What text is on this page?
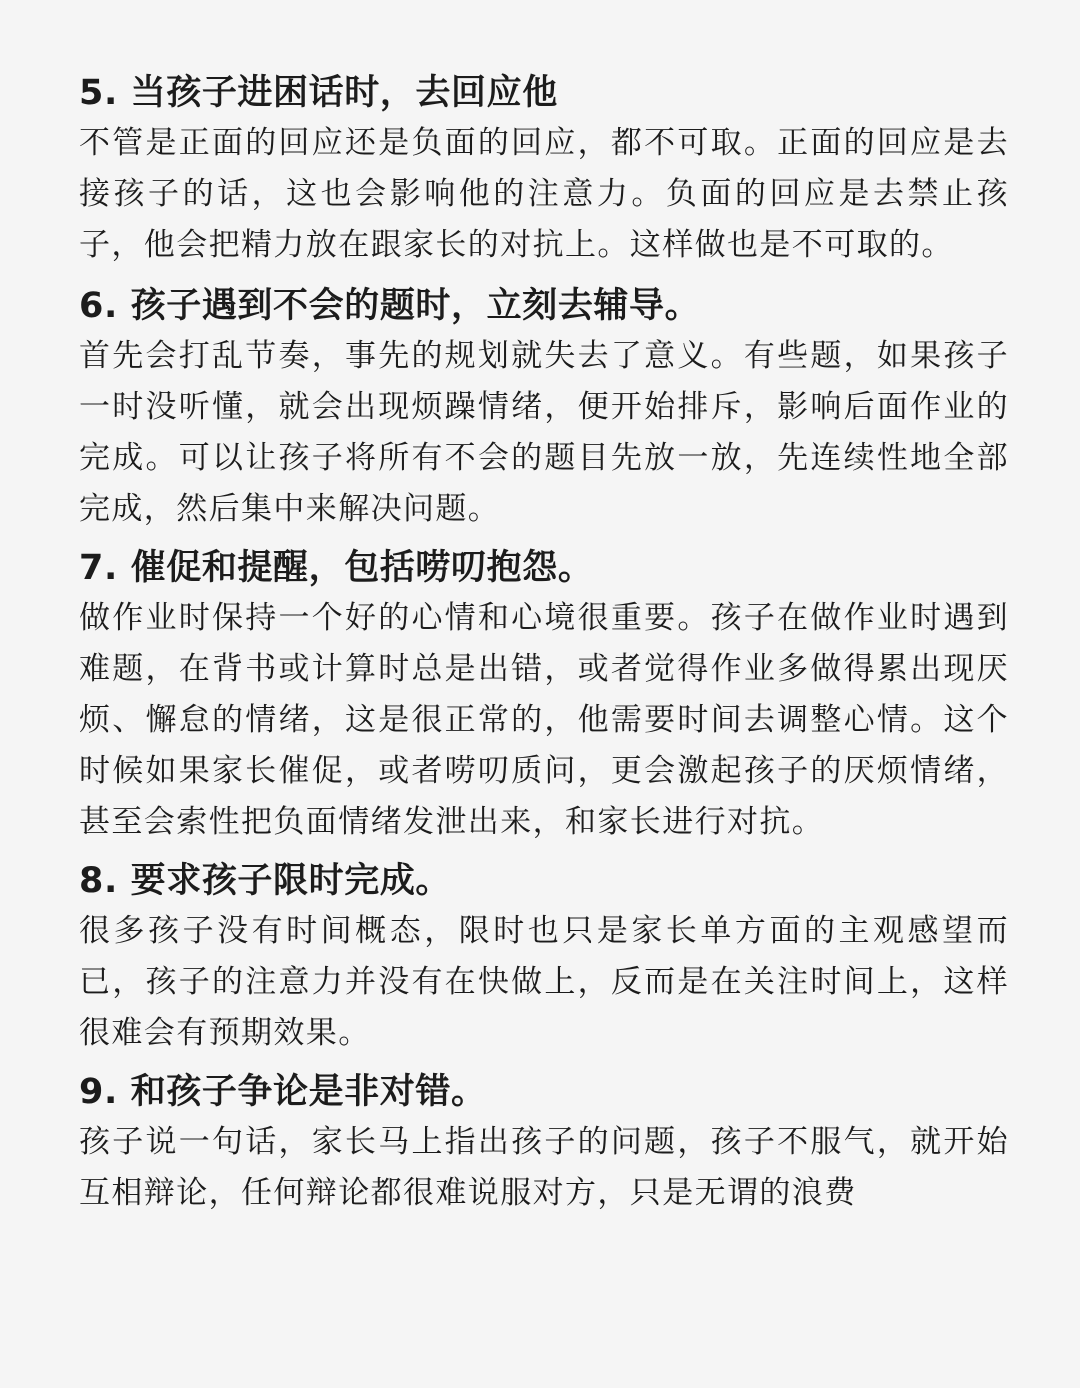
5. 当孩子进困话时，去回应他

不管是正面的回应还是负面的回应，都不可取。正面的回应是去接孩子的话，这也会影响他的注意力。负面的回应是去禁止孩子，他会把精力放在跟家长的对抗上。这样做也是不可取的。

6. 孩子遇到不会的题时，立刻去辅导。

首先会打乱节奏，事先的规划就失去了意义。有些题，如果孩子一时没听懂，就会出现烦躁情绪，便开始排斥，影响后面作业的完成。可以让孩子将所有不会的题目先放一放，先连续性地全部完成，然后集中来解决问题。

7. 催促和提醒，包括唠叨抱怨。

做作业时保持一个好的心情和心境很重要。孩子在做作业时遇到难题，在背书或计算时总是出错，或者觉得作业多做得累出现厌烦、懈怠的情绪，这是很正常的，他需要时间去调整心情。这个时候如果家长催促，或者唠叨质问，更会激起孩子的厌烦情绪，甚至会索性把负面情绪发泄出来，和家长进行对抗。

8. 要求孩子限时完成。

很多孩子没有时间概态，限时也只是家长单方面的主观感望而已，孩子的注意力并没有在快做上，反而是在关注时间上，这样很难会有预期效果。

9. 和孩子争论是非对错。

孩子说一句话，家长马上指出孩子的问题，孩子不服气，就开始互相辩论，任何辩论都很难说服对方，只是无谓的浪费
